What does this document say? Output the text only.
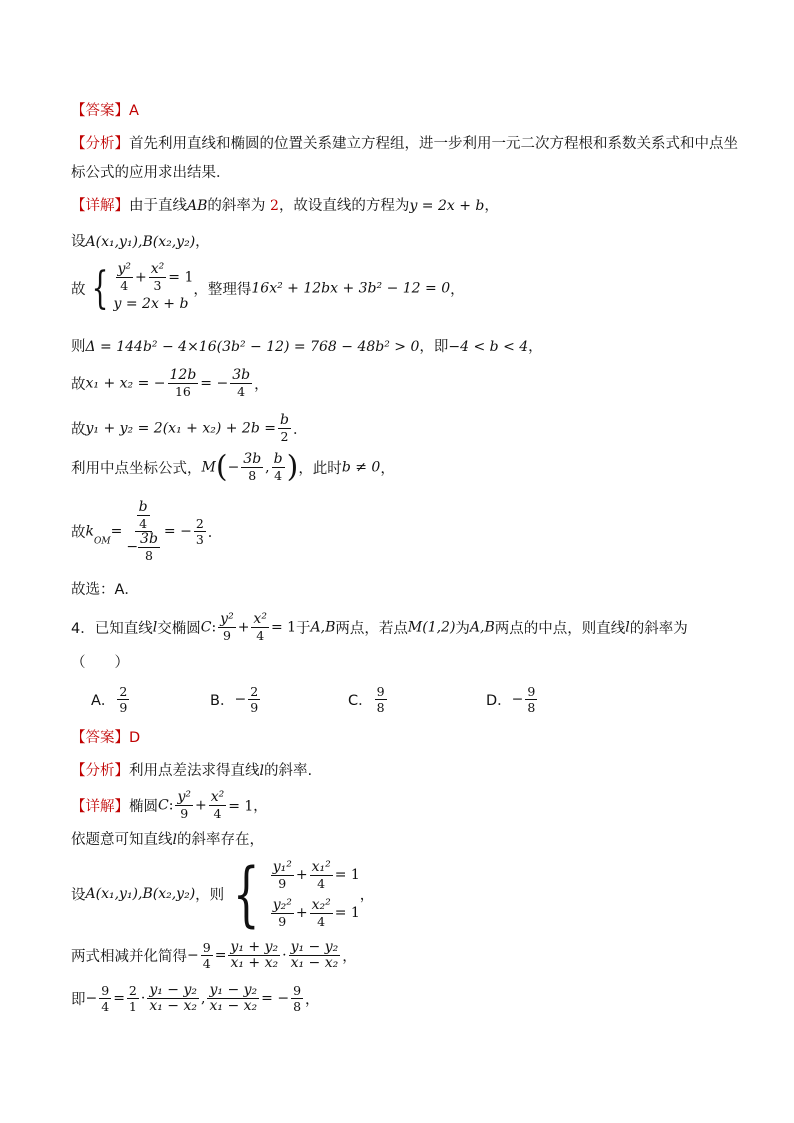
【答案】A
【分析】首先利用直线和椭圆的位置关系建立方程组，进一步利用一元二次方程根和系数关系式和中点坐
标公式的应用求出结果．
【详解】由于直线AB的斜率为 2，故设直线的方程为y = 2x + b，
设A(x₁,y₁),B(x₂,y₂)，
故 { $\frac{\text{y²}}{4} + \frac{\text{x²}}{3} = 1$
y = 2x + b
，整理得16x² + 12bx + 3b² − 12 = 0，
则Δ = 144b² − 4×16(3b² − 12) = 768 − 48b² > 0，即−4 < b < 4，
故x₁ + x₂ = − $\frac{12b}{16}$ = − $\frac{3b}{4}$ ，
故$y_1 + y_2 = 2(x_1 + x_2) + 2b = \frac{b}{2}$ ．
利用中点坐标公式，$M(- \frac{3b}{8}$ , $\frac{b}{4}$ )，此时b ≠ 0，
故$k_{OM}= \frac{\frac{b}{4}}{- \frac{3b}{8}}$ = − $\frac{2}{3}$ ．
故选：A．
4．已知直线l交椭圆C: $\frac{\text{y²}}{9} + \frac{\text{x²}}{4} = 1$于A,B两点，若点M(1,2)为A,B两点的中点，则直线l的斜率为
（　　）
A． $\frac{2}{9}$	B．− $\frac{2}{9}$	C． $\frac{9}{8}$	D．− $\frac{9}{8}$
【答案】D
【分析】利用点差法求得直线l的斜率.
【详解】椭圆C: $\frac{\text{y²}}{9} + \frac{\text{x²}}{4} = 1$，
依题意可知直线l的斜率存在，
设A(x₁,y₁),B(x₂,y₂)，则 { $\frac{\text{y₁²}}{9} + \frac{\text{x₁²}}{4} = 1$
$\frac{\text{y₂²}}{9} + \frac{\text{x₂²}}{4} = 1$
，
两式相减并化简得− $\frac{9}{4} = \frac{\text{y₁ + y₂}}{\text{x₁ + x₂}} \cdot \frac{\text{y₁ − y₂}}{\text{x₁ − x₂}}$ ，
即− $\frac{9}{4} = \frac{2}{1} \cdot \frac{\text{y₁ − y₂}}{\text{x₁ − x₂}}$ , $\frac{\text{y₁ − y₂}}{\text{x₁ − x₂}}$ = − $\frac{9}{8}$ ，
